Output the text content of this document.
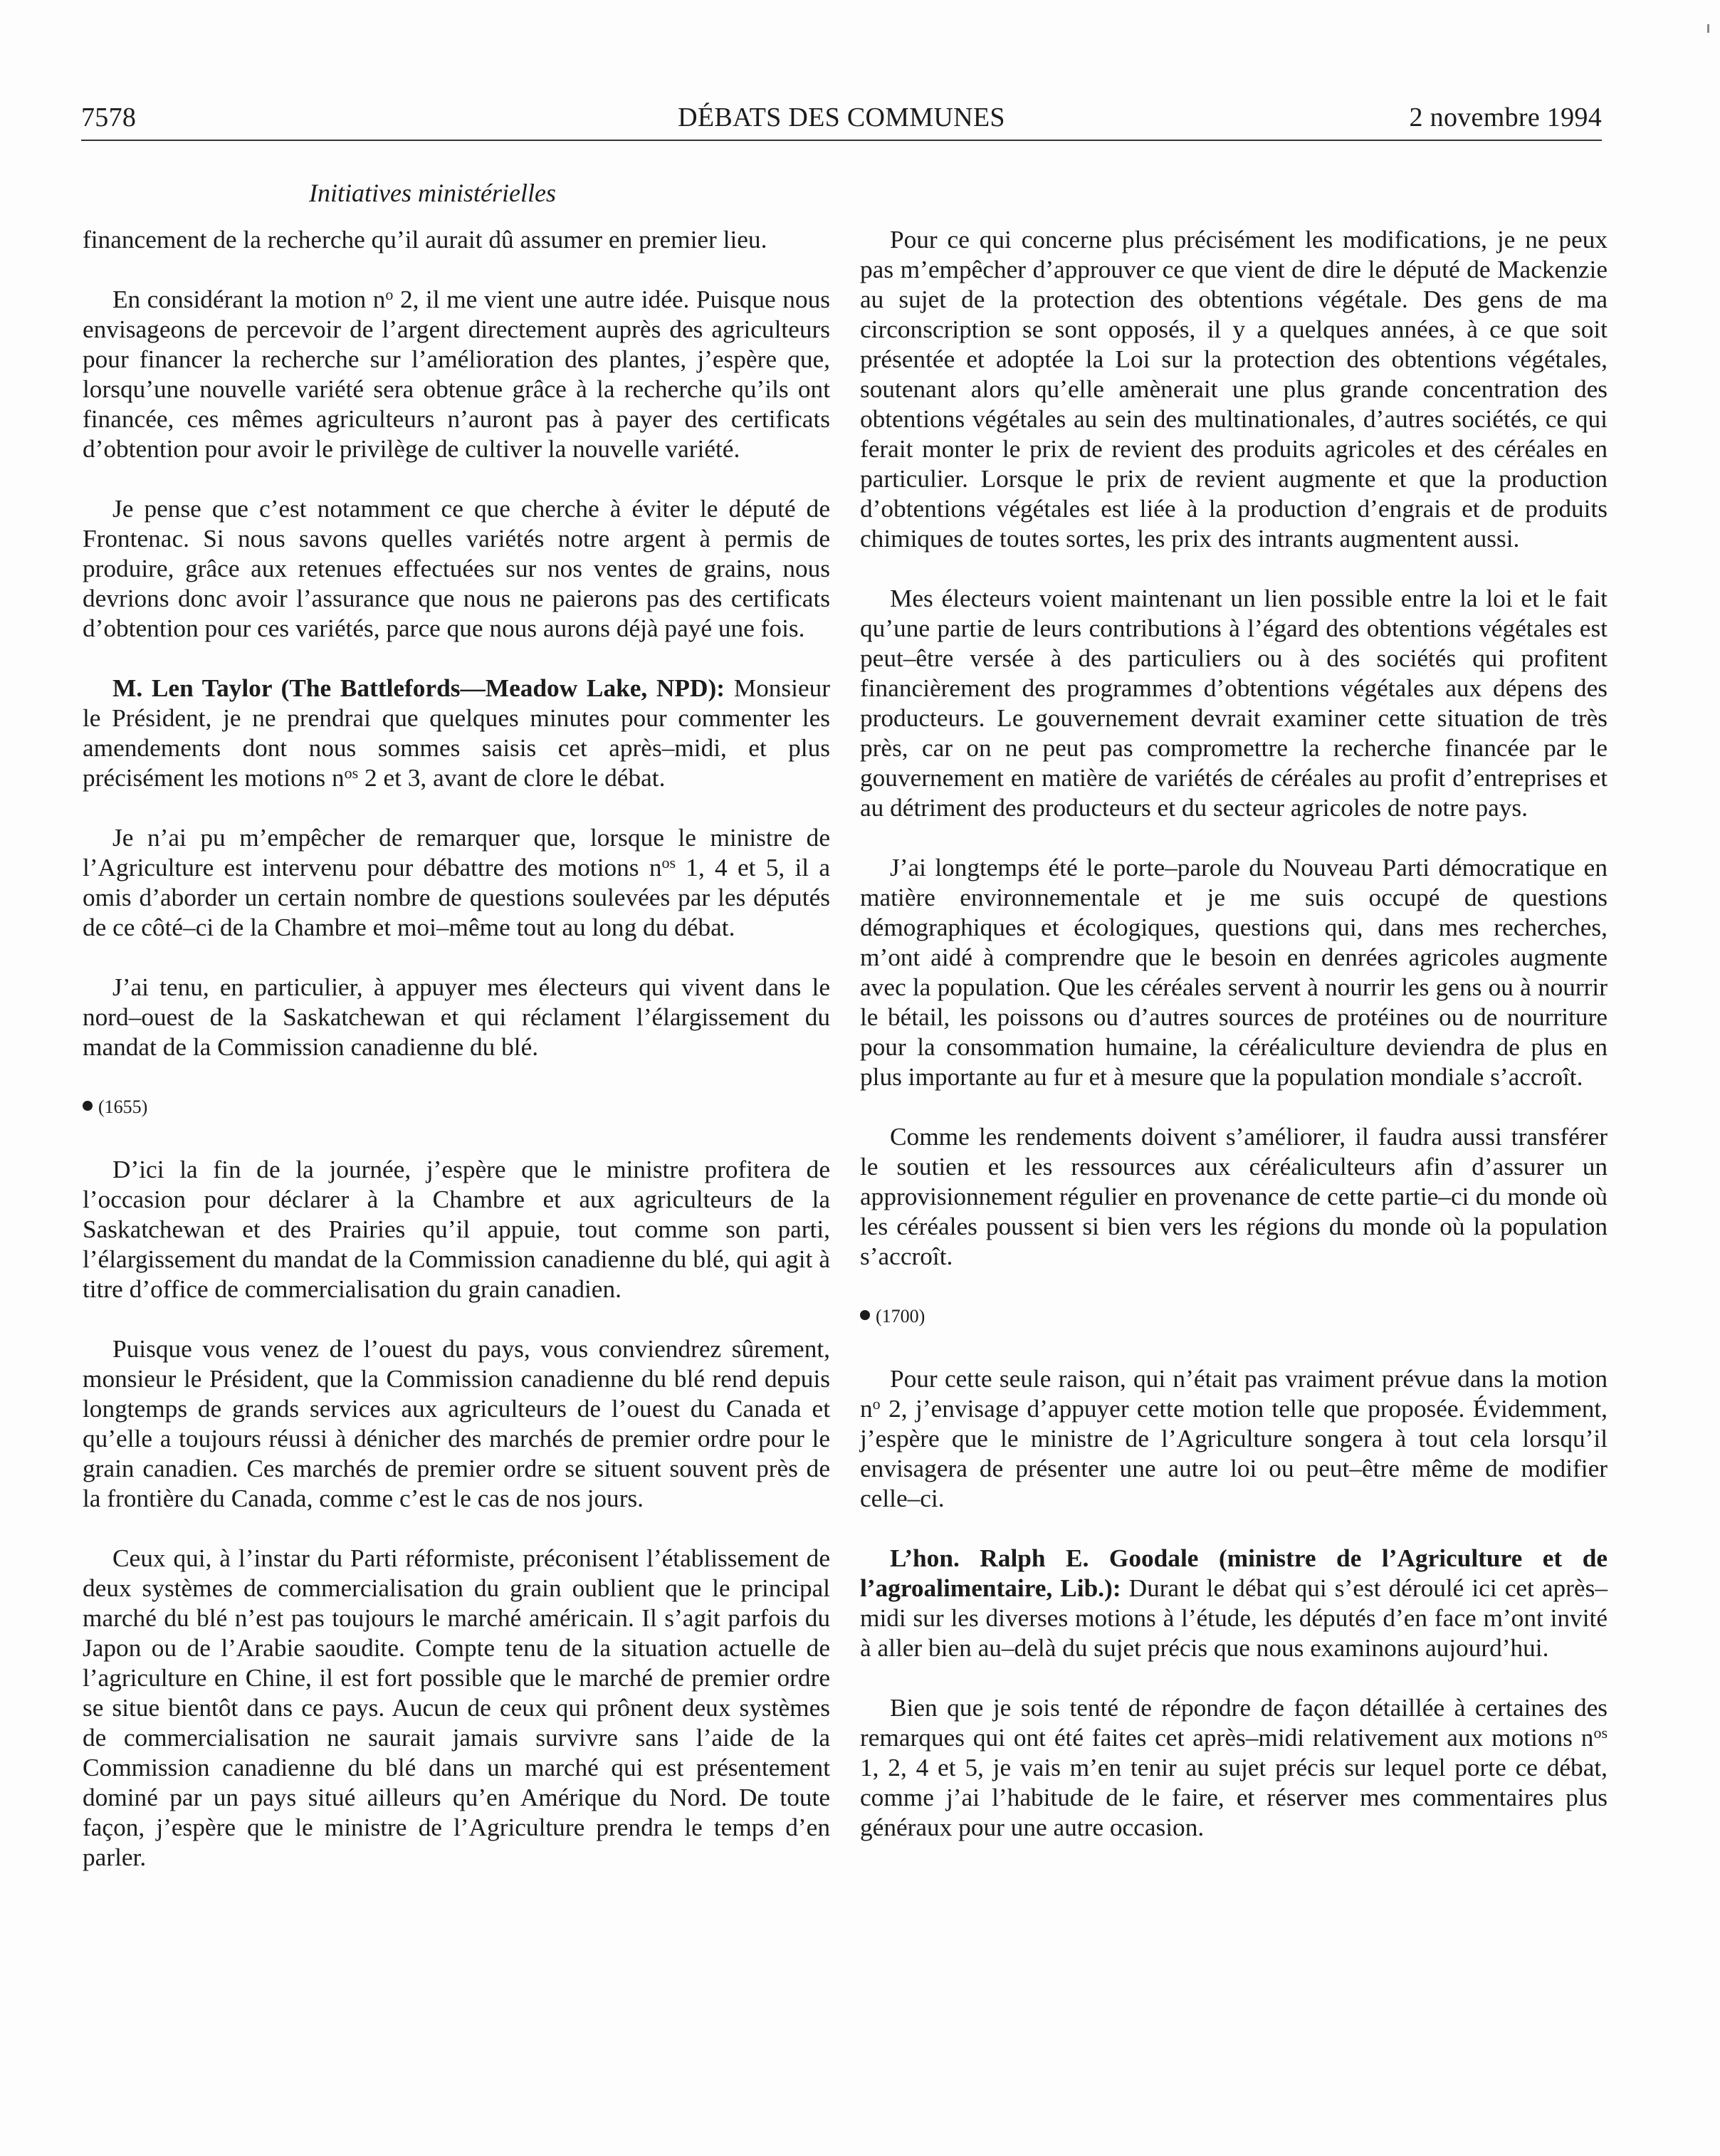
7578	DÉBATS DES COMMUNES	2 novembre 1994
Initiatives ministérielles

financement de la recherche qu’il aurait dû assumer en premier lieu.

En considérant la motion $n^o$ 2, il me vient une autre idée. Puisque nous envisageons de percevoir de l’argent directement auprès des agriculteurs pour financer la recherche sur l’amélioration des plantes, j’espère que, lorsqu’une nouvelle variété sera obtenue grâce à la recherche qu’ils ont financée, ces mêmes agriculteurs n’auront pas à payer des certificats d’obtention pour avoir le privilège de cultiver la nouvelle variété.

Je pense que c’est notamment ce que cherche à éviter le député de Frontenac. Si nous savons quelles variétés notre argent à permis de produire, grâce aux retenues effectuées sur nos ventes de grains, nous devrions donc avoir l’assurance que nous ne paierons pas des certificats d’obtention pour ces variétés, parce que nous aurons déjà payé une fois.

M. Len Taylor (The Battlefords—Meadow Lake, NPD): Monsieur le Président, je ne prendrai que quelques minutes pour commenter les amendements dont nous sommes saisis cet après–midi, et plus précisément les motions $n^{os}$ 2 et 3, avant de clore le débat.

Je n’ai pu m’empêcher de remarquer que, lorsque le ministre de l’Agriculture est intervenu pour débattre des motions $n^{os}$ 1, 4 et 5, il a omis d’aborder un certain nombre de questions soulevées par les députés de ce côté–ci de la Chambre et moi–même tout au long du débat.

J’ai tenu, en particulier, à appuyer mes électeurs qui vivent dans le nord–ouest de la Saskatchewan et qui réclament l’élargissement du mandat de la Commission canadienne du blé.

(1655)

D’ici la fin de la journée, j’espère que le ministre profitera de l’occasion pour déclarer à la Chambre et aux agriculteurs de la Saskatchewan et des Prairies qu’il appuie, tout comme son parti, l’élargissement du mandat de la Commission canadienne du blé, qui agit à titre d’office de commercialisation du grain canadien.

Puisque vous venez de l’ouest du pays, vous conviendrez sûrement, monsieur le Président, que la Commission canadienne du blé rend depuis longtemps de grands services aux agriculteurs de l’ouest du Canada et qu’elle a toujours réussi à dénicher des marchés de premier ordre pour le grain canadien. Ces marchés de premier ordre se situent souvent près de la frontière du Canada, comme c’est le cas de nos jours.

Ceux qui, à l’instar du Parti réformiste, préconisent l’établissement de deux systèmes de commercialisation du grain oublient que le principal marché du blé n’est pas toujours le marché américain. Il s’agit parfois du Japon ou de l’Arabie saoudite. Compte tenu de la situation actuelle de l’agriculture en Chine, il est fort possible que le marché de premier ordre se situe bientôt dans ce pays. Aucun de ceux qui prônent deux systèmes de commercialisation ne saurait jamais survivre sans l’aide de la Commission canadienne du blé dans un marché qui est présentement dominé par un pays situé ailleurs qu’en Amérique du Nord. De toute façon, j’espère que le ministre de l’Agriculture prendra le temps d’en parler.

Pour ce qui concerne plus précisément les modifications, je ne peux pas m’empêcher d’approuver ce que vient de dire le député de Mackenzie au sujet de la protection des obtentions végétale. Des gens de ma circonscription se sont opposés, il y a quelques années, à ce que soit présentée et adoptée la Loi sur la protection des obtentions végétales, soutenant alors qu’elle amènerait une plus grande concentration des obtentions végétales au sein des multinationales, d’autres sociétés, ce qui ferait monter le prix de revient des produits agricoles et des céréales en particulier. Lorsque le prix de revient augmente et que la production d’obtentions végétales est liée à la production d’engrais et de produits chimiques de toutes sortes, les prix des intrants augmentent aussi.

Mes électeurs voient maintenant un lien possible entre la loi et le fait qu’une partie de leurs contributions à l’égard des obtentions végétales est peut–être versée à des particuliers ou à des sociétés qui profitent financièrement des programmes d’obtentions végétales aux dépens des producteurs. Le gouvernement devrait examiner cette situation de très près, car on ne peut pas compromettre la recherche financée par le gouvernement en matière de variétés de céréales au profit d’entreprises et au détriment des producteurs et du secteur agricoles de notre pays.

J’ai longtemps été le porte–parole du Nouveau Parti démocratique en matière environnementale et je me suis occupé de questions démographiques et écologiques, questions qui, dans mes recherches, m’ont aidé à comprendre que le besoin en denrées agricoles augmente avec la population. Que les céréales servent à nourrir les gens ou à nourrir le bétail, les poissons ou d’autres sources de protéines ou de nourriture pour la consommation humaine, la céréaliculture deviendra de plus en plus importante au fur et à mesure que la population mondiale s’accroît.

Comme les rendements doivent s’améliorer, il faudra aussi transférer le soutien et les ressources aux céréaliculteurs afin d’assurer un approvisionnement régulier en provenance de cette partie–ci du monde où les céréales poussent si bien vers les régions du monde où la population s’accroît.

(1700)

Pour cette seule raison, qui n’était pas vraiment prévue dans la motion $n^o$ 2, j’envisage d’appuyer cette motion telle que proposée. Évidemment, j’espère que le ministre de l’Agriculture songera à tout cela lorsqu’il envisagera de présenter une autre loi ou peut–être même de modifier celle–ci.

L’hon. Ralph E. Goodale (ministre de l’Agriculture et de l’agroalimentaire, Lib.): Durant le débat qui s’est déroulé ici cet après–midi sur les diverses motions à l’étude, les députés d’en face m’ont invité à aller bien au–delà du sujet précis que nous examinons aujourd’hui.

Bien que je sois tenté de répondre de façon détaillée à certaines des remarques qui ont été faites cet après–midi relativement aux motions $n^{os}$ 1, 2, 4 et 5, je vais m’en tenir au sujet précis sur lequel porte ce débat, comme j’ai l’habitude de le faire, et réserver mes commentaires plus généraux pour une autre occasion.
